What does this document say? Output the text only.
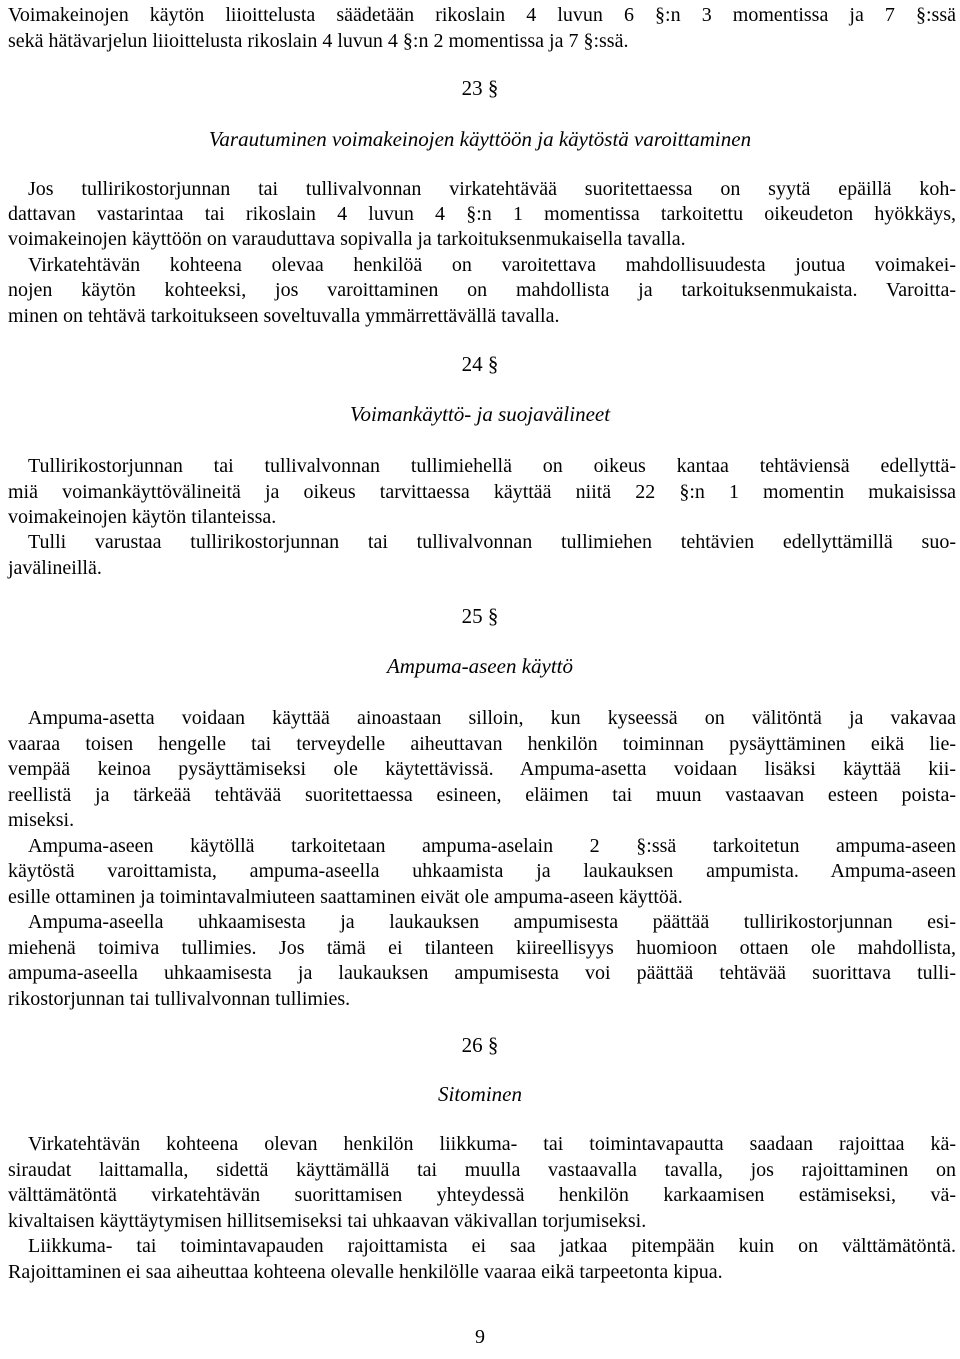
Voimakeinojen käytön liioittelusta säädetään rikoslain 4 luvun 6 §:n 3 momentissa ja 7 §:ssä
sekä hätävarjelun liioittelusta rikoslain 4 luvun 4 §:n 2 momentissa ja 7 §:ssä.
23 §
Varautuminen voimakeinojen käyttöön ja käytöstä varoittaminen
Jos tullirikostorjunnan tai tullivalvonnan virkatehtävää suoritettaessa on syytä epäillä koh-
dattavan vastarintaa tai rikoslain 4 luvun 4 §:n 1 momentissa tarkoitettu oikeudeton hyökkäys,
voimakeinojen käyttöön on varauduttava sopivalla ja tarkoituksenmukaisella tavalla.
Virkatehtävän kohteena olevaa henkilöä on varoitettava mahdollisuudesta joutua voimakei-
nojen käytön kohteeksi, jos varoittaminen on mahdollista ja tarkoituksenmukaista. Varoitta-
minen on tehtävä tarkoitukseen soveltuvalla ymmärrettävällä tavalla.
24 §
Voimankäyttö- ja suojavälineet
Tullirikostorjunnan tai tullivalvonnan tullimiehellä on oikeus kantaa tehtäviensä edellyttä-
miä voimankäyttövälineitä ja oikeus tarvittaessa käyttää niitä 22 §:n 1 momentin mukaisissa
voimakeinojen käytön tilanteissa.
Tulli varustaa tullirikostorjunnan tai tullivalvonnan tullimiehen tehtävien edellyttämillä suo-
javälineillä.
25 §
Ampuma-aseen käyttö
Ampuma-asetta voidaan käyttää ainoastaan silloin, kun kyseessä on välitöntä ja vakavaa
vaaraa toisen hengelle tai terveydelle aiheuttavan henkilön toiminnan pysäyttäminen eikä lie-
vempää keinoa pysäyttämiseksi ole käytettävissä. Ampuma-asetta voidaan lisäksi käyttää kii-
reellistä ja tärkeää tehtävää suoritettaessa esineen, eläimen tai muun vastaavan esteen poista-
miseksi.
Ampuma-aseen käytöllä tarkoitetaan ampuma-aselain 2 §:ssä tarkoitetun ampuma-aseen
käytöstä varoittamista, ampuma-aseella uhkaamista ja laukauksen ampumista. Ampuma-aseen
esille ottaminen ja toimintavalmiuteen saattaminen eivät ole ampuma-aseen käyttöä.
Ampuma-aseella uhkaamisesta ja laukauksen ampumisesta päättää tullirikostorjunnan esi-
miehenä toimiva tullimies. Jos tämä ei tilanteen kiireellisyys huomioon ottaen ole mahdollista,
ampuma-aseella uhkaamisesta ja laukauksen ampumisesta voi päättää tehtävää suorittava tulli-
rikostorjunnan tai tullivalvonnan tullimies.
26 §
Sitominen
Virkatehtävän kohteena olevan henkilön liikkuma- tai toimintavapautta saadaan rajoittaa kä-
siraudat laittamalla, sidettä käyttämällä tai muulla vastaavalla tavalla, jos rajoittaminen on
välttämätöntä virkatehtävän suorittamisen yhteydessä henkilön karkaamisen estämiseksi, vä-
kivaltaisen käyttäytymisen hillitsemiseksi tai uhkaavan väkivallan torjumiseksi.
Liikkuma- tai toimintavapauden rajoittamista ei saa jatkaa pitempään kuin on välttämätöntä.
Rajoittaminen ei saa aiheuttaa kohteena olevalle henkilölle vaaraa eikä tarpeetonta kipua.
9
